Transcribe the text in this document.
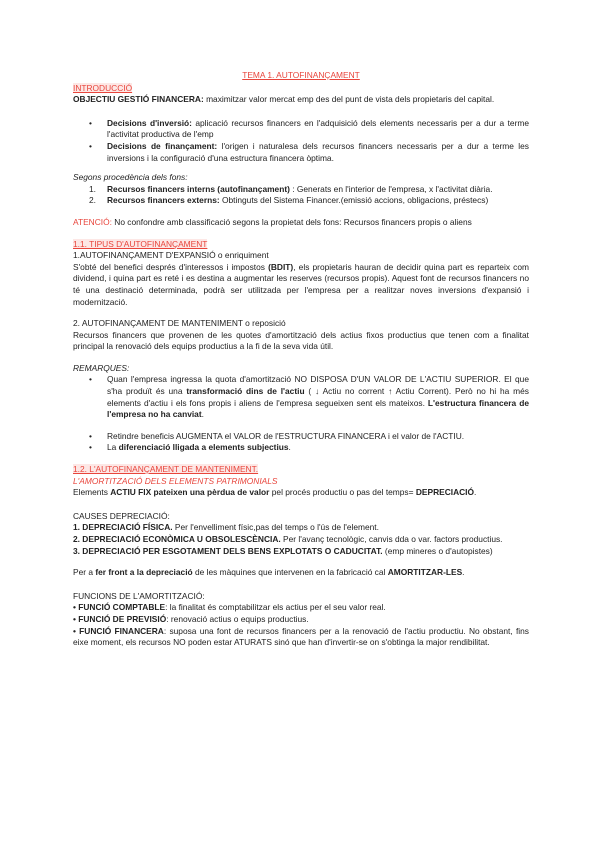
TEMA 1. AUTOFINANÇAMENT

INTRODUCCIÓ

OBJECTIU GESTIÓ FINANCERA: maximitzar valor mercat emp des del punt de vista dels propietaris del capital.

• Decisions d'inversió: aplicació recursos financers en l'adquisició dels elements necessaris per a dur a terme l'activitat productiva de l'emp
• Decisions de finançament: l'origen i naturalesa dels recursos financers necessaris per a dur a terme les inversions i la configuració d'una estructura financera òptima.

Segons procedència dels fons:

1. Recursos financers interns (autofinançament) : Generats en l'interior de l'empresa, x l'activitat diària.
2. Recursos financers externs: Obtinguts del Sistema Financer.(emissió accions, obligacions, préstecs)

ATENCIÓ: No confondre amb classificació segons la propietat dels fons: Recursos financers propis o aliens

1.1. TIPUS D'AUTOFINANÇAMENT

1.AUTOFINANÇAMENT D'EXPANSIÓ o enriquiment

S'obté del benefici després d'interessos i impostos (BDIT), els propietaris hauran de decidir quina part es reparteix com dividend, i quina part es reté i es destina a augmentar les reserves (recursos propis). Aquest font de recursos financers no té una destinació determinada, podrà ser utilitzada per l'empresa per a realitzar noves inversions d'expansió i modernització.

2. AUTOFINANÇAMENT DE MANTENIMENT o reposició

Recursos financers que provenen de les quotes d'amortització dels actius fixos productius que tenen com a finalitat principal la renovació dels equips productius a la fi de la seva vida útil.

REMARQUES:

• Quan l'empresa ingressa la quota d'amortització NO DISPOSA D'UN VALOR DE L'ACTIU SUPERIOR. El que s'ha produït és una transformació dins de l'actiu ( ↓ Actiu no corrent ↑ Actiu Corrent). Però no hi ha més elements d'actiu i els fons propis i aliens de l'empresa segueixen sent els mateixos. L'estructura financera de l'empresa no ha canviat.
• Retindre beneficis AUGMENTA el VALOR de l'ESTRUCTURA FINANCERA i el valor de l'ACTIU.
• La diferenciació lligada a elements subjectius.

1.2. L'AUTOFINANÇAMENT DE MANTENIMENT.

L'AMORTITZACIÓ DELS ELEMENTS PATRIMONIALS

Elements ACTIU FIX pateixen una pèrdua de valor pel procés productiu o pas del temps= DEPRECIACIÓ.

CAUSES DEPRECIACIÓ:

1. DEPRECIACIÓ FÍSICA. Per l'envelliment físic,pas del temps o l'ús de l'element.

2. DEPRECIACIÓ ECONÒMICA U OBSOLESCÈNCIA. Per l'avanç tecnològic, canvis dda o var. factors productius.

3. DEPRECIACIÓ PER ESGOTAMENT DELS BENS EXPLOTATS O CADUCITAT. (emp mineres o d'autopistes)

Per a fer front a la depreciació de les màquines que intervenen en la fabricació cal AMORTITZAR-LES.

FUNCIONS DE L'AMORTITZACIÓ:

• FUNCIÓ COMPTABLE: la finalitat és comptabilitzar els actius per el seu valor real.

• FUNCIÓ DE PREVISIÓ: renovació actius o equips productius.

• FUNCIÓ FINANCERA: suposa una font de recursos financers per a la renovació de l'actiu productiu. No obstant, fins eixe moment, els recursos NO poden estar ATURATS sinó que han d'invertir-se on s'obtinga la major rendibilitat.
